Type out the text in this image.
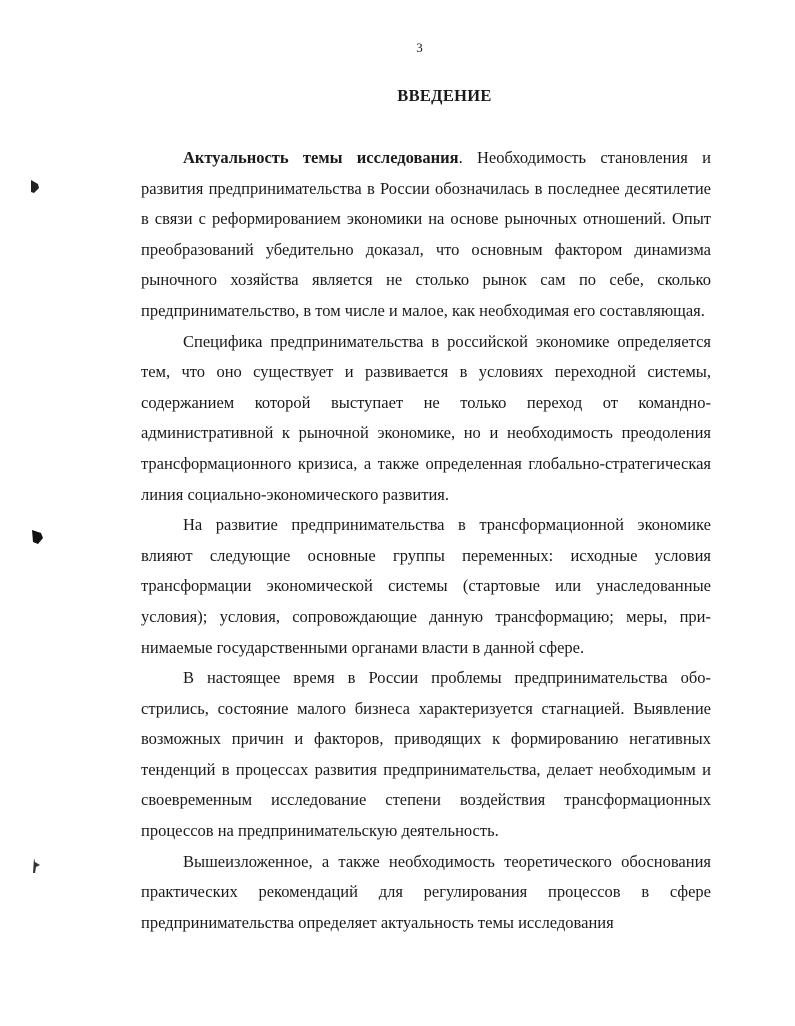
3
ВВЕДЕНИЕ

Актуальность темы исследования. Необходимость становления и развития предпринимательства в России обозначилась в последнее десятилетие в связи с реформированием экономики на основе рыночных отношений. Опыт преобразований убедительно доказал, что основным фактором динамизма рыночного хозяйства является не столько рынок сам по себе, сколько предпринимательство, в том числе и малое, как необходимая его составляющая.

Специфика предпринимательства в российской экономике определяется тем, что оно существует и развивается в условиях переходной системы, содержанием которой выступает не только переход от командно-административной к рыночной экономике, но и необходимость преодоления трансформационного кризиса, а также определенная глобально-стратегическая линия социально-экономического развития.

На развитие предпринимательства в трансформационной экономике влияют следующие основные группы переменных: исходные условия трансформации экономической системы (стартовые или унаследованные условия); условия, сопровождающие данную трансформацию; меры, принимаемые государственными органами власти в данной сфере.

В настоящее время в России проблемы предпринимательства обострились, состояние малого бизнеса характеризуется стагнацией. Выявление возможных причин и факторов, приводящих к формированию негативных тенденций в процессах развития предпринимательства, делает необходимым и своевременным исследование степени воздействия трансформационных процессов на предпринимательскую деятельность.

Вышеизложенное, а также необходимость теоретического обоснования практических рекомендаций для регулирования процессов в сфере предпринимательства определяет актуальность темы исследования
